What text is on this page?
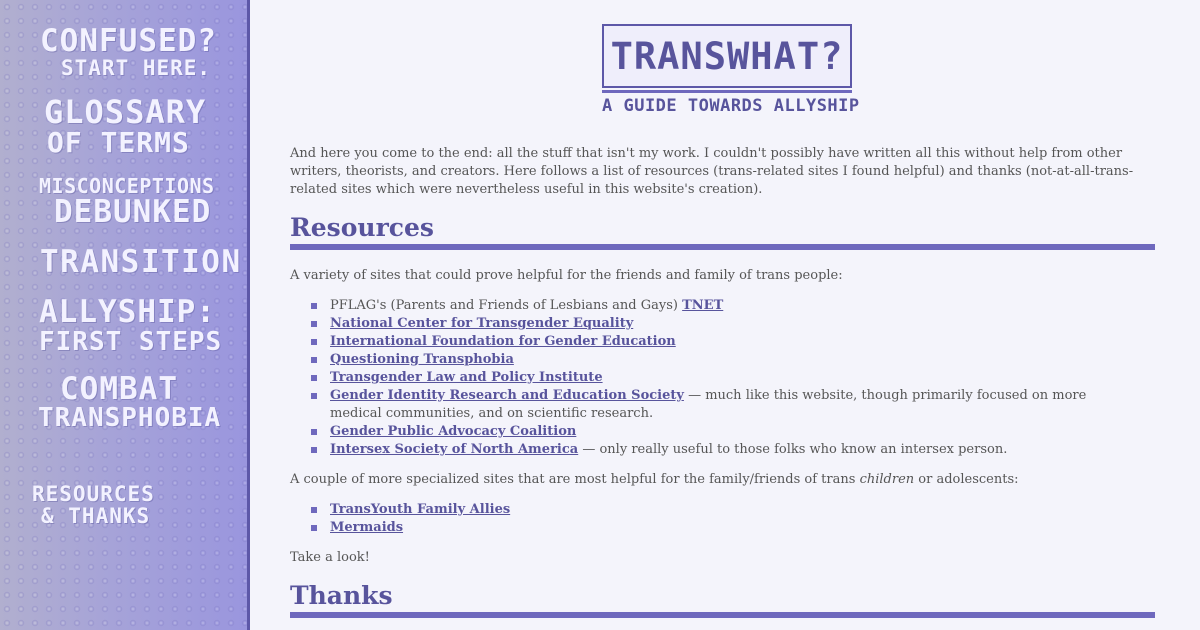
CONFUSED?
START HERE.
GLOSSARY
OF TERMS
MISCONCEPTIONS
DEBUNKED
TRANSITION
ALLYSHIP:
FIRST STEPS
COMBAT
TRANSPHOBIA
RESOURCES
& THANKS
TRANSWHAT?
A GUIDE TOWARDS ALLYSHIP

And here you come to the end: all the stuff that isn't my work. I couldn't possibly have written all this without help from other writers, theorists, and creators. Here follows a list of resources (trans-related sites I found helpful) and thanks (not-at-all-trans-related sites which were nevertheless useful in this website's creation).

Resources

A variety of sites that could prove helpful for the friends and family of trans people:

PFLAG's (Parents and Friends of Lesbians and Gays) TNET
National Center for Transgender Equality
International Foundation for Gender Education
Questioning Transphobia
Transgender Law and Policy Institute
Gender Identity Research and Education Society — much like this website, though primarily focused on more medical communities, and on scientific research.
Gender Public Advocacy Coalition
Intersex Society of North America — only really useful to those folks who know an intersex person.

A couple of more specialized sites that are most helpful for the family/friends of trans children or adolescents:

TransYouth Family Allies
Mermaids

Take a look!

Thanks
